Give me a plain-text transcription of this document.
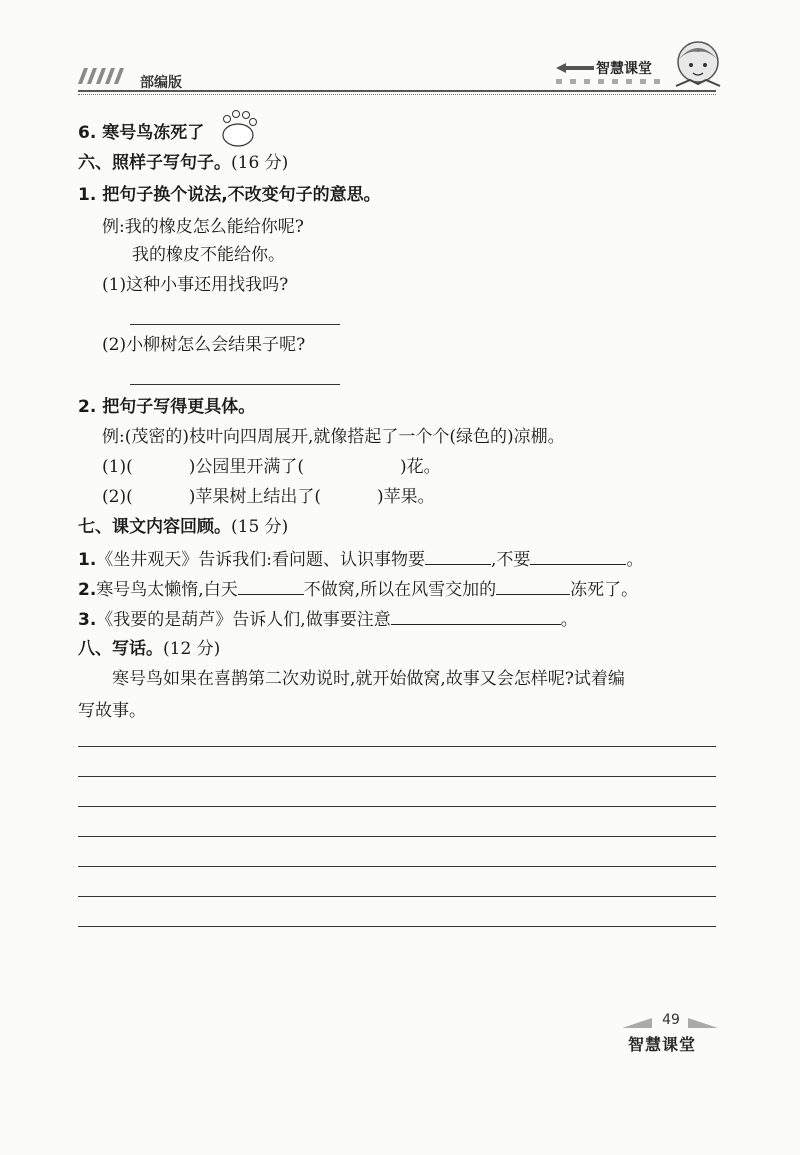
部编版
智慧课堂
6. 寒号鸟冻死了
六、照样子写句子。(16 分)
1. 把句子换个说法,不改变句子的意思。
例:我的橡皮怎么能给你呢?
我的橡皮不能给你。
(1)这种小事还用找我吗?
(2)小柳树怎么会结果子呢?
2. 把句子写得更具体。
例:(茂密的)枝叶向四周展开,就像搭起了一个个(绿色的)凉棚。
(1)(	)公园里开满了(	)花。
(2)(	)苹果树上结出了(	)苹果。
七、课文内容回顾。(15 分)
1.《坐井观天》告诉我们:看问题、认识事物要	,不要	。
2.寒号鸟太懒惰,白天	不做窝,所以在风雪交加的	冻死了。
3.《我要的是葫芦》告诉人们,做事要注意	。
八、写话。(12 分)
寒号鸟如果在喜鹊第二次劝说时,就开始做窝,故事又会怎样呢?试着编
写故事。
49
智慧课堂
